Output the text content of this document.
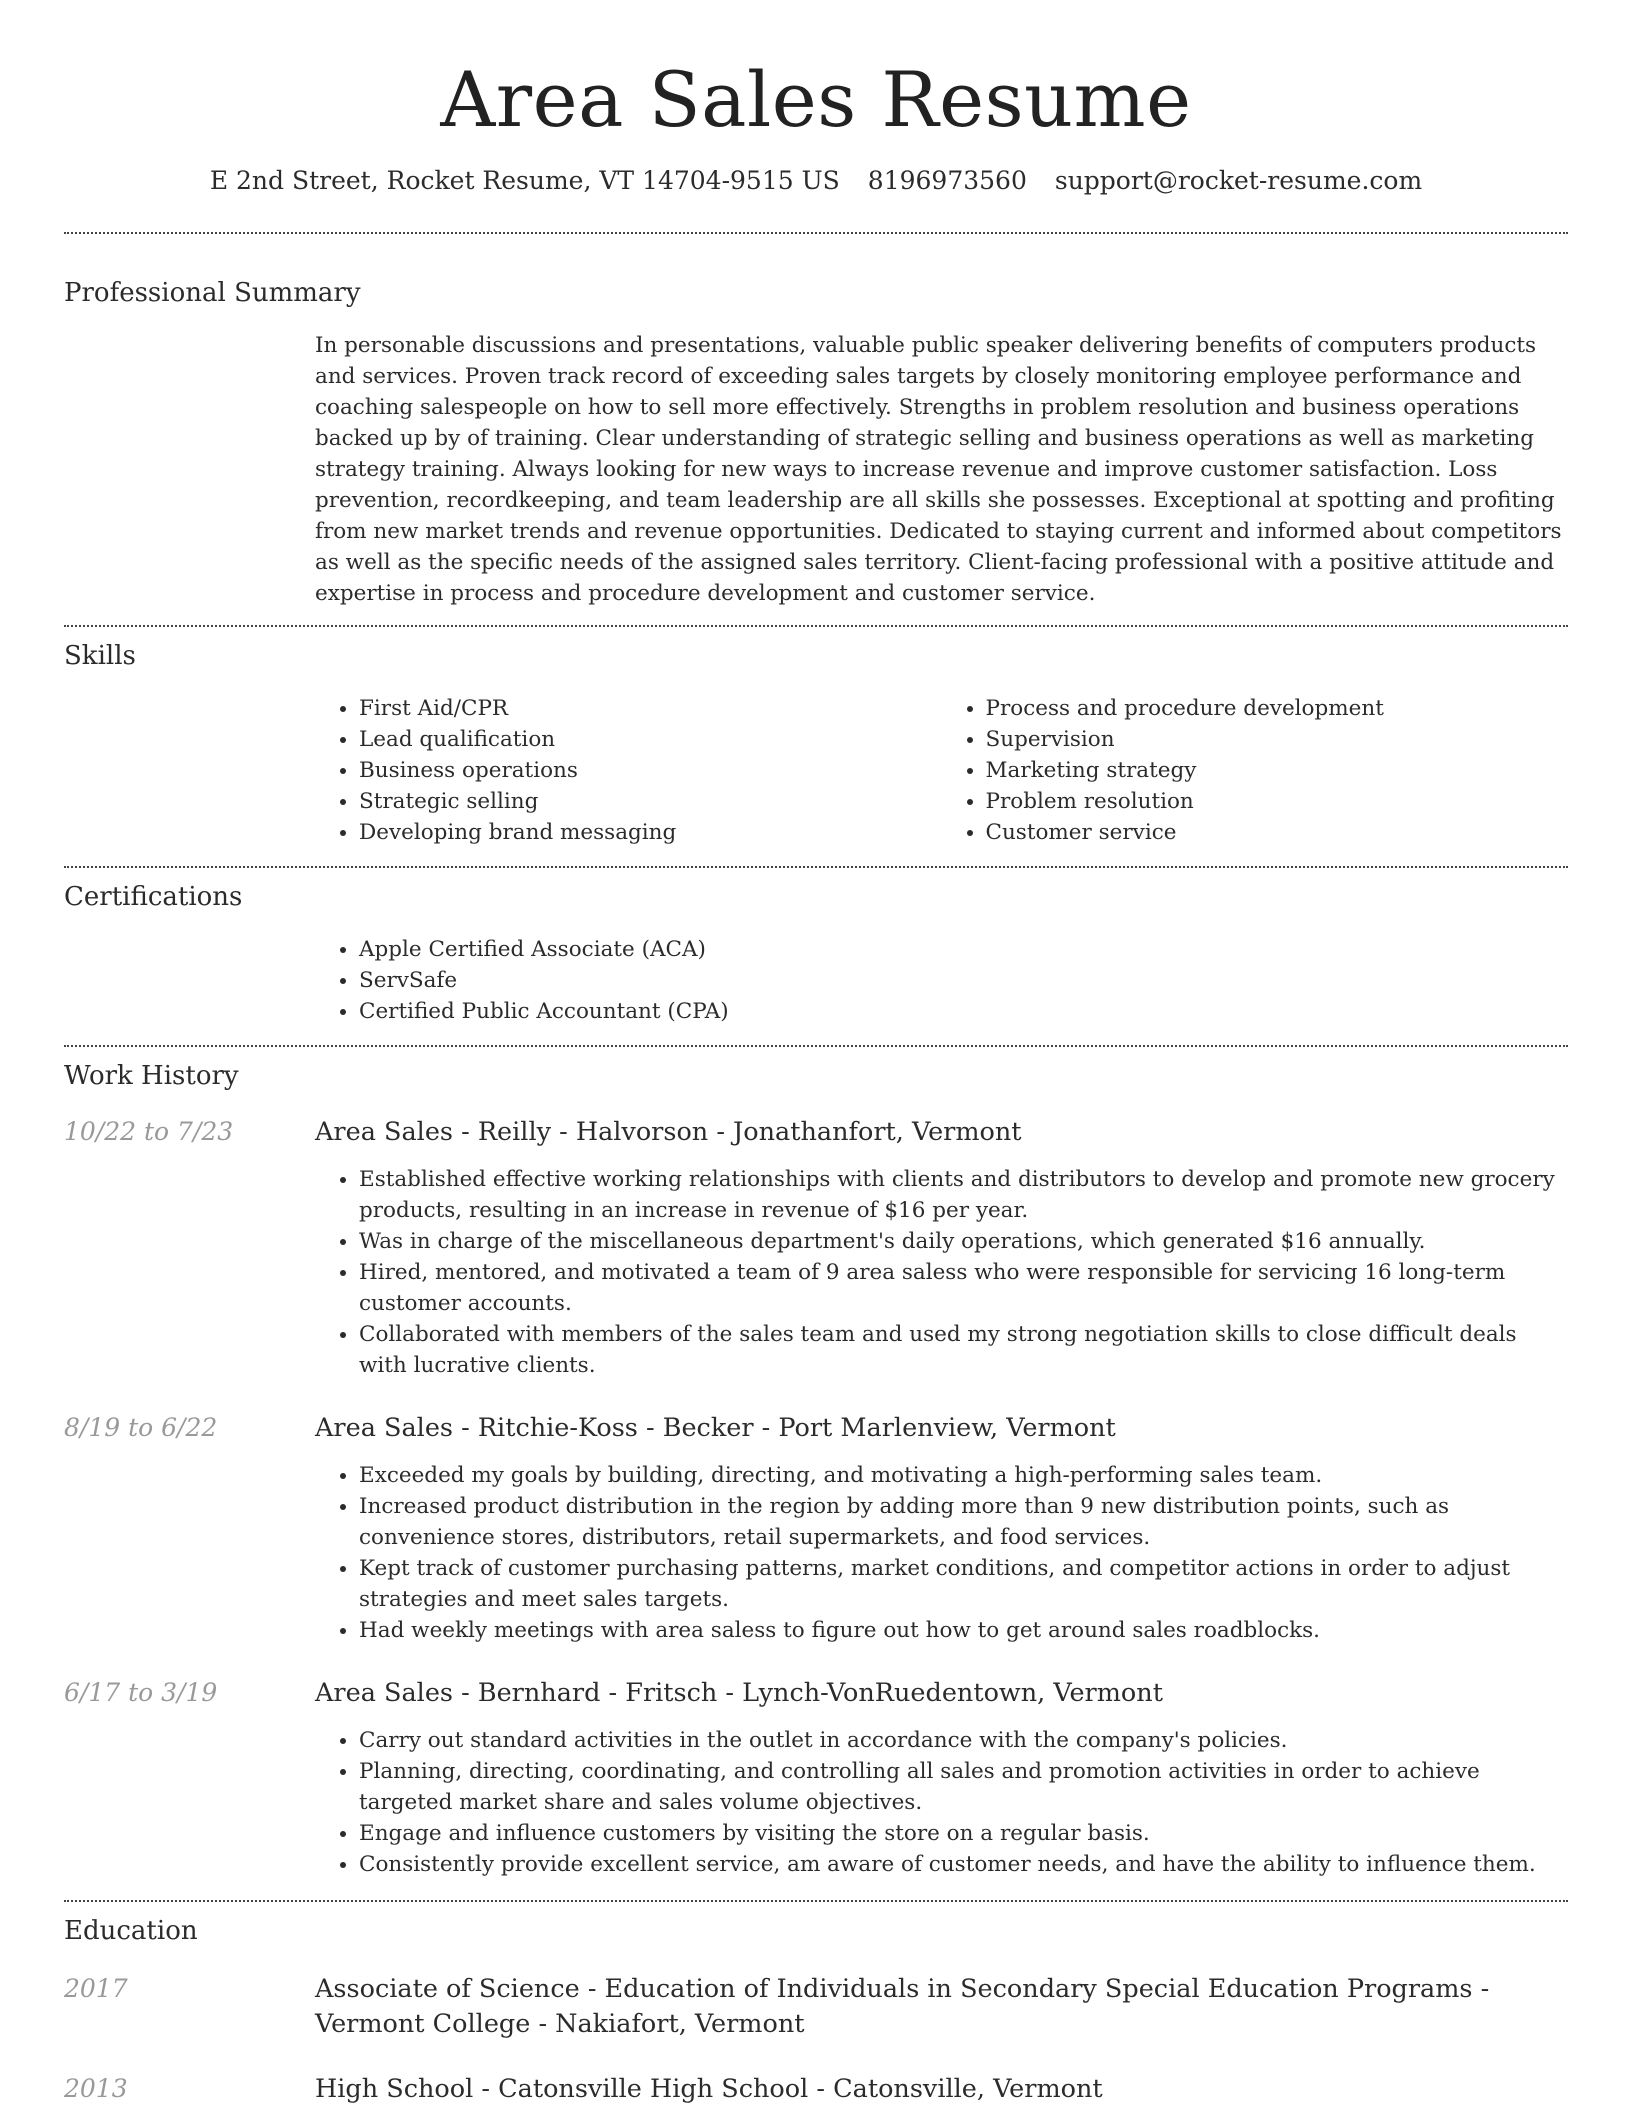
Area Sales Resume
E 2nd Street, Rocket Resume, VT 14704-9515 US 8196973560 support@rocket-resume.com
Professional Summary
In personable discussions and presentations, valuable public speaker delivering benefits of computers products and services. Proven track record of exceeding sales targets by closely monitoring employee performance and coaching salespeople on how to sell more effectively. Strengths in problem resolution and business operations backed up by of training. Clear understanding of strategic selling and business operations as well as marketing strategy training. Always looking for new ways to increase revenue and improve customer satisfaction. Loss prevention, recordkeeping, and team leadership are all skills she possesses. Exceptional at spotting and profiting from new market trends and revenue opportunities. Dedicated to staying current and informed about competitors as well as the specific needs of the assigned sales territory. Client-facing professional with a positive attitude and expertise in process and procedure development and customer service.
Skills
• First Aid/CPR
• Lead qualification
• Business operations
• Strategic selling
• Developing brand messaging
• Process and procedure development
• Supervision
• Marketing strategy
• Problem resolution
• Customer service
Certifications
• Apple Certified Associate (ACA)
• ServSafe
• Certified Public Accountant (CPA)
Work History
10/22 to 7/23	Area Sales - Reilly - Halvorson - Jonathanfort, Vermont
• Established effective working relationships with clients and distributors to develop and promote new grocery products, resulting in an increase in revenue of $16 per year.
• Was in charge of the miscellaneous department's daily operations, which generated $16 annually.
• Hired, mentored, and motivated a team of 9 area saless who were responsible for servicing 16 long-term customer accounts.
• Collaborated with members of the sales team and used my strong negotiation skills to close difficult deals with lucrative clients.
8/19 to 6/22	Area Sales - Ritchie-Koss - Becker - Port Marlenview, Vermont
• Exceeded my goals by building, directing, and motivating a high-performing sales team.
• Increased product distribution in the region by adding more than 9 new distribution points, such as convenience stores, distributors, retail supermarkets, and food services.
• Kept track of customer purchasing patterns, market conditions, and competitor actions in order to adjust strategies and meet sales targets.
• Had weekly meetings with area saless to figure out how to get around sales roadblocks.
6/17 to 3/19	Area Sales - Bernhard - Fritsch - Lynch-VonRuedentown, Vermont
• Carry out standard activities in the outlet in accordance with the company's policies.
• Planning, directing, coordinating, and controlling all sales and promotion activities in order to achieve targeted market share and sales volume objectives.
• Engage and influence customers by visiting the store on a regular basis.
• Consistently provide excellent service, am aware of customer needs, and have the ability to influence them.
Education
2017	Associate of Science - Education of Individuals in Secondary Special Education Programs - Vermont College - Nakiafort, Vermont
2013	High School - Catonsville High School - Catonsville, Vermont
